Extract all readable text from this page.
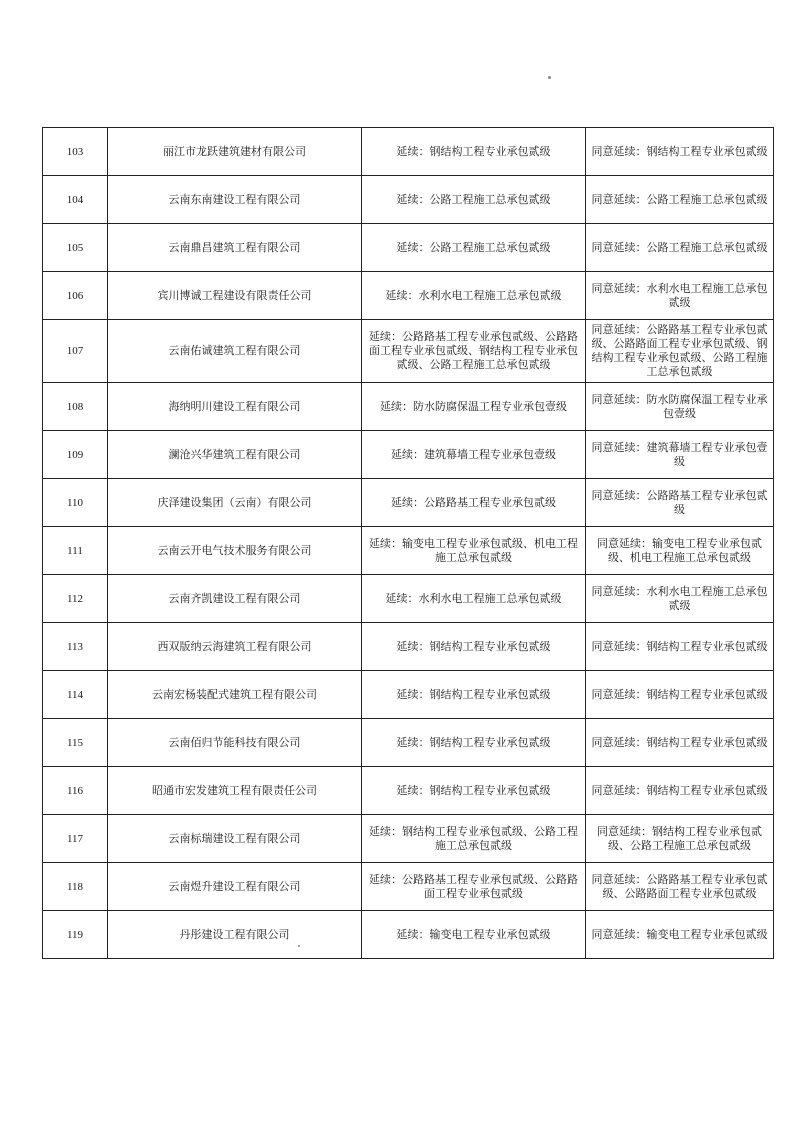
103	丽江市龙跃建筑建材有限公司	延续：钢结构工程专业承包贰级	同意延续：钢结构工程专业承包贰级
104	云南东南建设工程有限公司	延续：公路工程施工总承包贰级	同意延续：公路工程施工总承包贰级
105	云南鼎昌建筑工程有限公司	延续：公路工程施工总承包贰级	同意延续：公路工程施工总承包贰级
106	宾川博诚工程建设有限责任公司	延续：水利水电工程施工总承包贰级	同意延续：水利水电工程施工总承包贰级
107	云南佑诚建筑工程有限公司	延续：公路路基工程专业承包贰级、公路路面工程专业承包贰级、钢结构工程专业承包贰级、公路工程施工总承包贰级	同意延续：公路路基工程专业承包贰级、公路路面工程专业承包贰级、钢结构工程专业承包贰级、公路工程施工总承包贰级
108	海纳明川建设工程有限公司	延续：防水防腐保温工程专业承包壹级	同意延续：防水防腐保温工程专业承包壹级
109	澜沧兴华建筑工程有限公司	延续：建筑幕墙工程专业承包壹级	同意延续：建筑幕墙工程专业承包壹级
110	庆泽建设集团（云南）有限公司	延续：公路路基工程专业承包贰级	同意延续：公路路基工程专业承包贰级
111	云南云开电气技术服务有限公司	延续：输变电工程专业承包贰级、机电工程施工总承包贰级	同意延续：输变电工程专业承包贰级、机电工程施工总承包贰级
112	云南齐凯建设工程有限公司	延续：水利水电工程施工总承包贰级	同意延续：水利水电工程施工总承包贰级
113	西双版纳云海建筑工程有限公司	延续：钢结构工程专业承包贰级	同意延续：钢结构工程专业承包贰级
114	云南宏杨装配式建筑工程有限公司	延续：钢结构工程专业承包贰级	同意延续：钢结构工程专业承包贰级
115	云南佰归节能科技有限公司	延续：钢结构工程专业承包贰级	同意延续：钢结构工程专业承包贰级
116	昭通市宏发建筑工程有限责任公司	延续：钢结构工程专业承包贰级	同意延续：钢结构工程专业承包贰级
117	云南标瑞建设工程有限公司	延续：钢结构工程专业承包贰级、公路工程施工总承包贰级	同意延续：钢结构工程专业承包贰级、公路工程施工总承包贰级
118	云南煜升建设工程有限公司	延续：公路路基工程专业承包贰级、公路路面工程专业承包贰级	同意延续：公路路基工程专业承包贰级、公路路面工程专业承包贰级
119	丹彤建设工程有限公司	延续：输变电工程专业承包贰级	同意延续：输变电工程专业承包贰级
